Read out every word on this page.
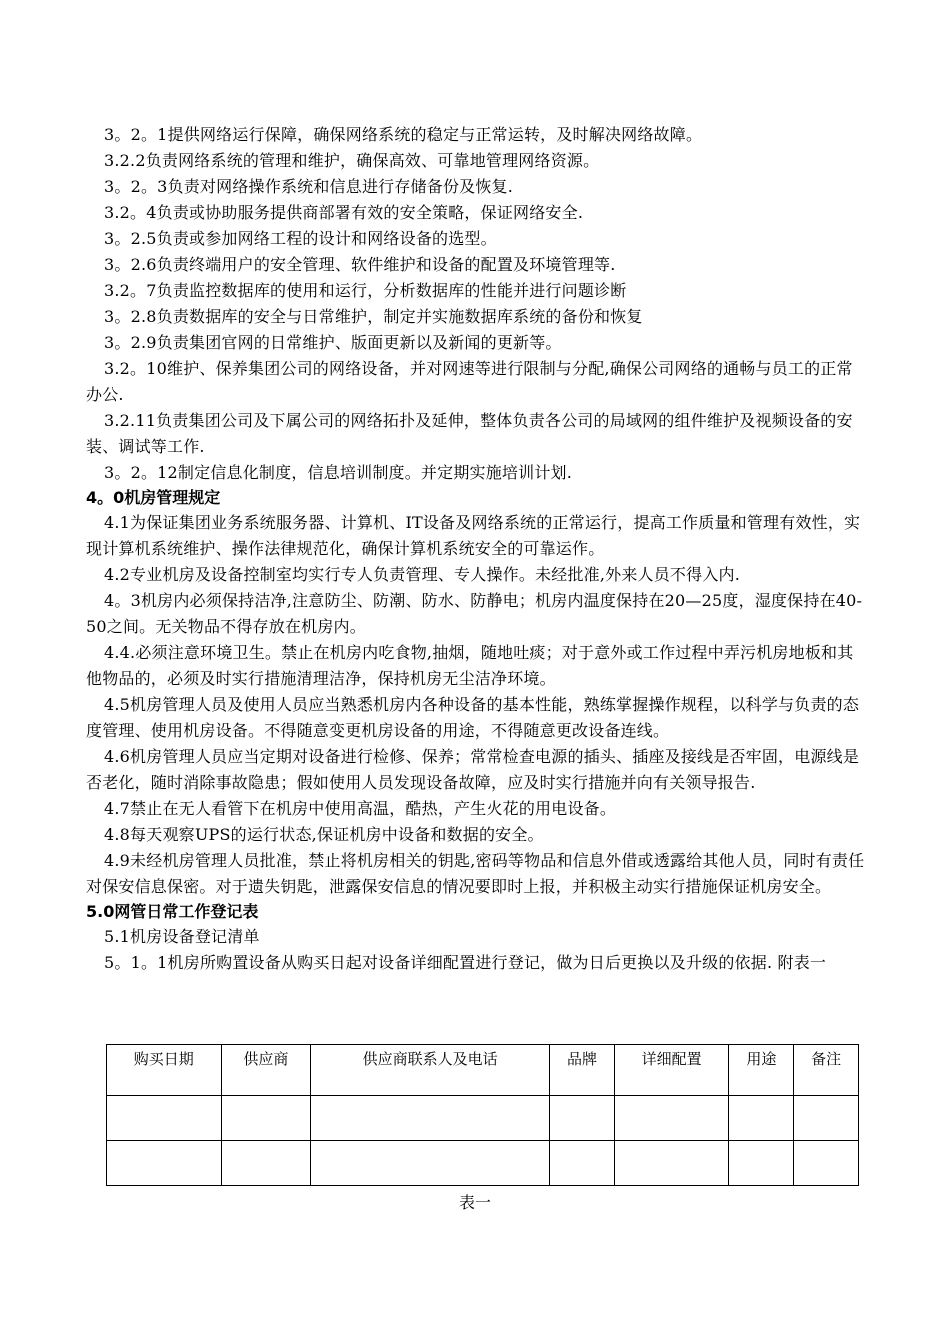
3。2。1提供网络运行保障，确保网络系统的稳定与正常运转，及时解决网络故障。

3.2.2负责网络系统的管理和维护，确保高效、可靠地管理网络资源。

3。2。3负责对网络操作系统和信息进行存储备份及恢复.

3.2。4负责或协助服务提供商部署有效的安全策略，保证网络安全.

3。2.5负责或参加网络工程的设计和网络设备的选型。

3。2.6负责终端用户的安全管理、软件维护和设备的配置及环境管理等.

3.2。7负责监控数据库的使用和运行，分析数据库的性能并进行问题诊断

3。2.8负责数据库的安全与日常维护，制定并实施数据库系统的备份和恢复

3。2.9负责集团官网的日常维护、版面更新以及新闻的更新等。

3.2。10维护、保养集团公司的网络设备，并对网速等进行限制与分配,确保公司网络的通畅与员工的正常办公.

3.2.11负责集团公司及下属公司的网络拓扑及延伸，整体负责各公司的局域网的组件维护及视频设备的安装、调试等工作.

3。2。12制定信息化制度，信息培训制度。并定期实施培训计划.

4。0机房管理规定

4.1为保证集团业务系统服务器、计算机、IT设备及网络系统的正常运行，提高工作质量和管理有效性，实现计算机系统维护、操作法律规范化，确保计算机系统安全的可靠运作。

4.2专业机房及设备控制室均实行专人负责管理、专人操作。未经批准,外来人员不得入内.

4。3机房内必须保持洁净,注意防尘、防潮、防水、防静电；机房内温度保持在20—25度，湿度保持在40-50之间。无关物品不得存放在机房内。

4.4.必须注意环境卫生。禁止在机房内吃食物,抽烟，随地吐痰；对于意外或工作过程中弄污机房地板和其他物品的，必须及时实行措施清理洁净，保持机房无尘洁净环境。

4.5机房管理人员及使用人员应当熟悉机房内各种设备的基本性能，熟练掌握操作规程，以科学与负责的态度管理、使用机房设备。不得随意变更机房设备的用途，不得随意更改设备连线。

4.6机房管理人员应当定期对设备进行检修、保养；常常检查电源的插头、插座及接线是否牢固，电源线是否老化，随时消除事故隐患；假如使用人员发现设备故障，应及时实行措施并向有关领导报告.

4.7禁止在无人看管下在机房中使用高温，酷热，产生火花的用电设备。

4.8每天观察UPS的运行状态,保证机房中设备和数据的安全。

4.9未经机房管理人员批准，禁止将机房相关的钥匙,密码等物品和信息外借或透露给其他人员，同时有责任对保安信息保密。对于遗失钥匙，泄露保安信息的情况要即时上报，并积极主动实行措施保证机房安全。

5.0网管日常工作登记表

5.1机房设备登记清单

5。1。1机房所购置设备从购买日起对设备详细配置进行登记，做为日后更换以及升级的依据. 附表一

购买日期	供应商	供应商联系人及电话	品牌	详细配置	用途	备注

表一
